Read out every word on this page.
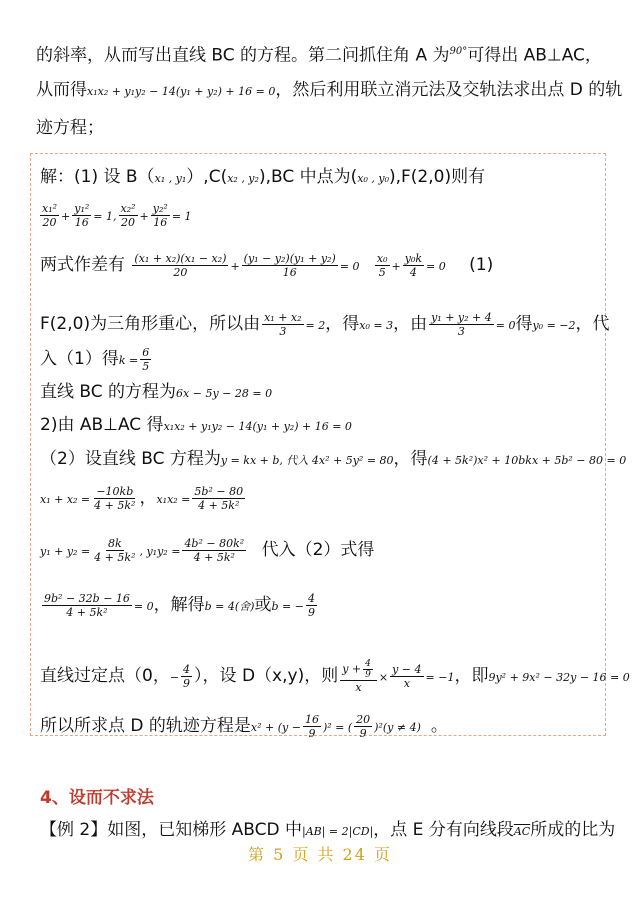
的斜率，从而写出直线 BC 的方程。第二问抓住角 A 为$^{90^\circ}$可得出 AB⊥AC，
从而得x₁x₂ + y₁y₂ − 14(y₁ + y₂) + 16 = 0，然后利用联立消元法及交轨法求出点 D 的轨
迹方程；
解：(1) 设 B（x₁ , y₁）,C(x₂ , y₂),BC 中点为(x₀ , y₀),F(2,0)则有
$\frac{\text{x₁²}}{20} + \frac{\text{y₁²}}{16} = 1$, $\frac{\text{x₂²}}{20} + \frac{\text{y₂²}}{16} = 1$
两式作差有 $\frac{\text{(x₁ + x₂)(x₁ − x₂)}}{20} + \frac{\text{(y₁ − y₂)(y₁ + y₂)}}{16} = 0 \frac{\text{x₀}}{5} + \frac{\text{y₀k}}{4} = 0$ (1)
F(2,0)为三角形重心，所以由 $\frac{\text{x₁ + x₂}}{3} = 2$，得x₀ = 3，由 $\frac{\text{y₁ + y₂ + 4}}{3} = 0$得y₀ = −2，代
入（1）得$k = \frac{6}{5}$
直线 BC 的方程为6x − 5y − 28 = 0
2)由 AB⊥AC 得x₁x₂ + y₁y₂ − 14(y₁ + y₂) + 16 = 0
（2）设直线 BC 方程为y = kx + b, 代入 4x² + 5y² = 80，得(4 + 5k²)x² + 10bkx + 5b² − 80 = 0
$x_1 + x_2 = \frac{-10kb}{\text{4 + 5k²}}$ ，$x_1x_2 = \frac{\text{5b² − 80}}{\text{4 + 5k²}}$
$y_1 + y_2 = \frac{8k}{\text{4 + 5k²}}$ , $y_1y_2 = \frac{\text{4b² − 80k²}}{\text{4 + 5k²}}$ 代入（2）式得
$\frac{\text{9b² − 32b − 16}}{\text{4 + 5k²}} = 0$，解得b = 4(舍)或b = − $\frac{4}{9}$
直线过定点（0，− $\frac{4}{9}$ ），设 D（x,y)，则 $\frac{y + \frac{4}{9}}{x} \times \frac{y - 4}{x} = -1$，即9y² + 9x² − 32y − 16 = 0
所以所求点 D 的轨迹方程是$x^2 + (y - \frac{16}{9} )^2$ = ( $\frac{20}{9} )^2(y \ne 4)$ 。
4、设而不求法
【例 2】如图，已知梯形 ABCD 中|AB| = 2|CD|，点 E 分有向线段$\overline{AC}$所成的比为
第 5 页 共 24 页
